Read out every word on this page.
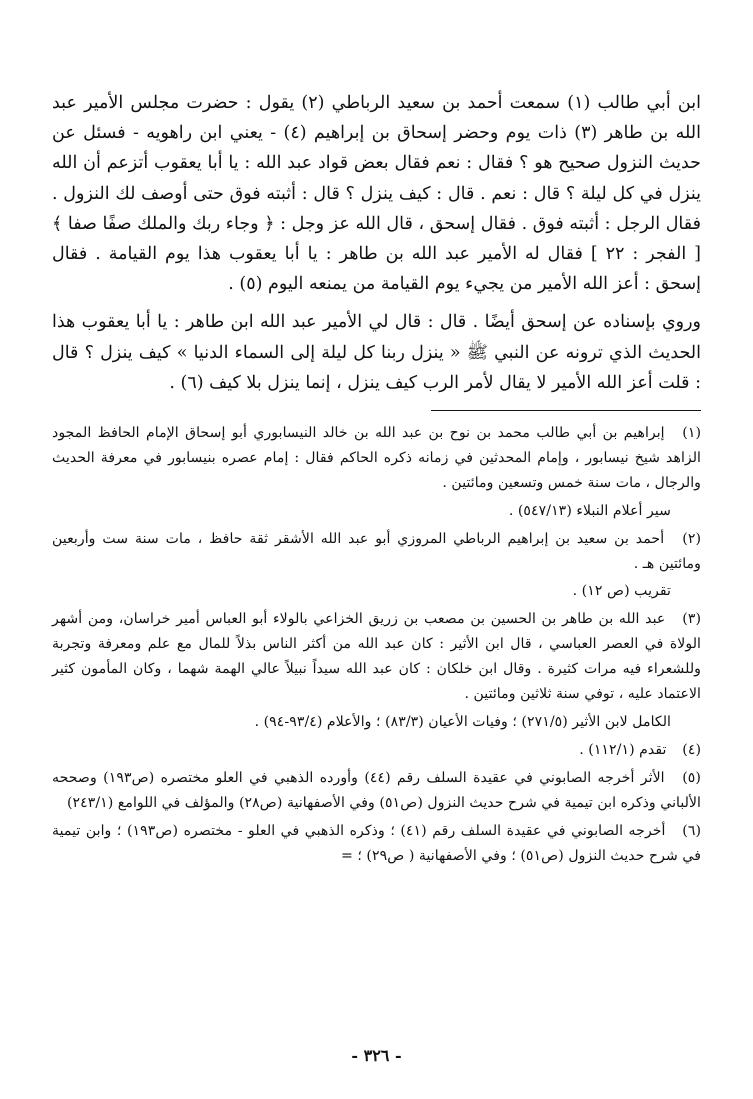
ابن أبي طالب (١) سمعت أحمد بن سعيد الرباطي (٢) يقول : حضرت مجلس الأمير عبد الله بن طاهر (٣) ذات يوم وحضر إسحاق بن إبراهيم (٤) - يعني ابن راهويه - فسئل عن حديث النزول صحيح هو ؟ فقال : نعم فقال بعض قواد عبد الله : يا أبا يعقوب أتزعم أن الله ينزل في كل ليلة ؟ قال : نعم . قال : كيف ينزل ؟ قال : أثبته فوق حتى أوصف لك النزول . فقال الرجل : أثبته فوق . فقال إسحق ، قال الله عز وجل : ﴿ وجاء ربك والملك صفًا صفا ﴾ [ الفجر : ٢٢ ] فقال له الأمير عبد الله بن طاهر : يا أبا يعقوب هذا يوم القيامة . فقال إسحق : أعز الله الأمير من يجيء يوم القيامة من يمنعه اليوم (٥) .

وروي بإسناده عن إسحق أيضًا . قال : قال لي الأمير عبد الله ابن طاهر : يا أبا يعقوب هذا الحديث الذي ترونه عن النبي ﷺ « ينزل ربنا كل ليلة إلى السماء الدنيا » كيف ينزل ؟ قال : قلت أعز الله الأمير لا يقال لأمر الرب كيف ينزل ، إنما ينزل بلا كيف (٦) .

(١) إبراهيم بن أبي طالب محمد بن نوح بن عبد الله بن خالد النيسابوري أبو إسحاق الإمام الحافظ المجود الزاهد شيخ نيسابور ، وإمام المحدثين في زمانه ذكره الحاكم فقال : إمام عصره بنيسابور في معرفة الحديث والرجال ، مات سنة خمس وتسعين ومائتين .

سير أعلام النبلاء (٥٤٧/١٣) .

(٢) أحمد بن سعيد بن إبراهيم الرباطي المروزي أبو عبد الله الأشقر ثقة حافظ ، مات سنة ست وأربعين ومائتين هـ .

تقريب (ص ١٢) .

(٣) عبد الله بن طاهر بن الحسين بن مصعب بن زريق الخزاعي بالولاء أبو العباس أمير خراسان، ومن أشهر الولاة في العصر العباسي ، قال ابن الأثير : كان عبد الله من أكثر الناس بذلاً للمال مع علم ومعرفة وتجربة وللشعراء فيه مرات كثيرة . وقال ابن خلكان : كان عبد الله سيداً نبيلاً عالي الهمة شهما ، وكان المأمون كثير الاعتماد عليه ، توفي سنة ثلاثين ومائتين .

الكامل لابن الأثير (٢٧١/٥) ؛ وفيات الأعيان (٨٣/٣) ؛ والأعلام (٩٣/٤-٩٤) .

(٤) تقدم (١١٢/١) .

(٥) الأثر أخرجه الصابوني في عقيدة السلف رقم (٤٤) وأورده الذهبي في العلو مختصره (ص١٩٣) وصححه الألباني وذكره ابن تيمية في شرح حديث النزول (ص٥١) وفي الأصفهانية (ص٢٨) والمؤلف في اللوامع (٢٤٣/١)

(٦) أخرجه الصابوني في عقيدة السلف رقم (٤١) ؛ وذكره الذهبي في العلو - مختصره (ص١٩٣) ؛ وابن تيمية في شرح حديث النزول (ص٥١) ؛ وفي الأصفهانية ( ص٢٩) ؛ =

- ٣٢٦ -
